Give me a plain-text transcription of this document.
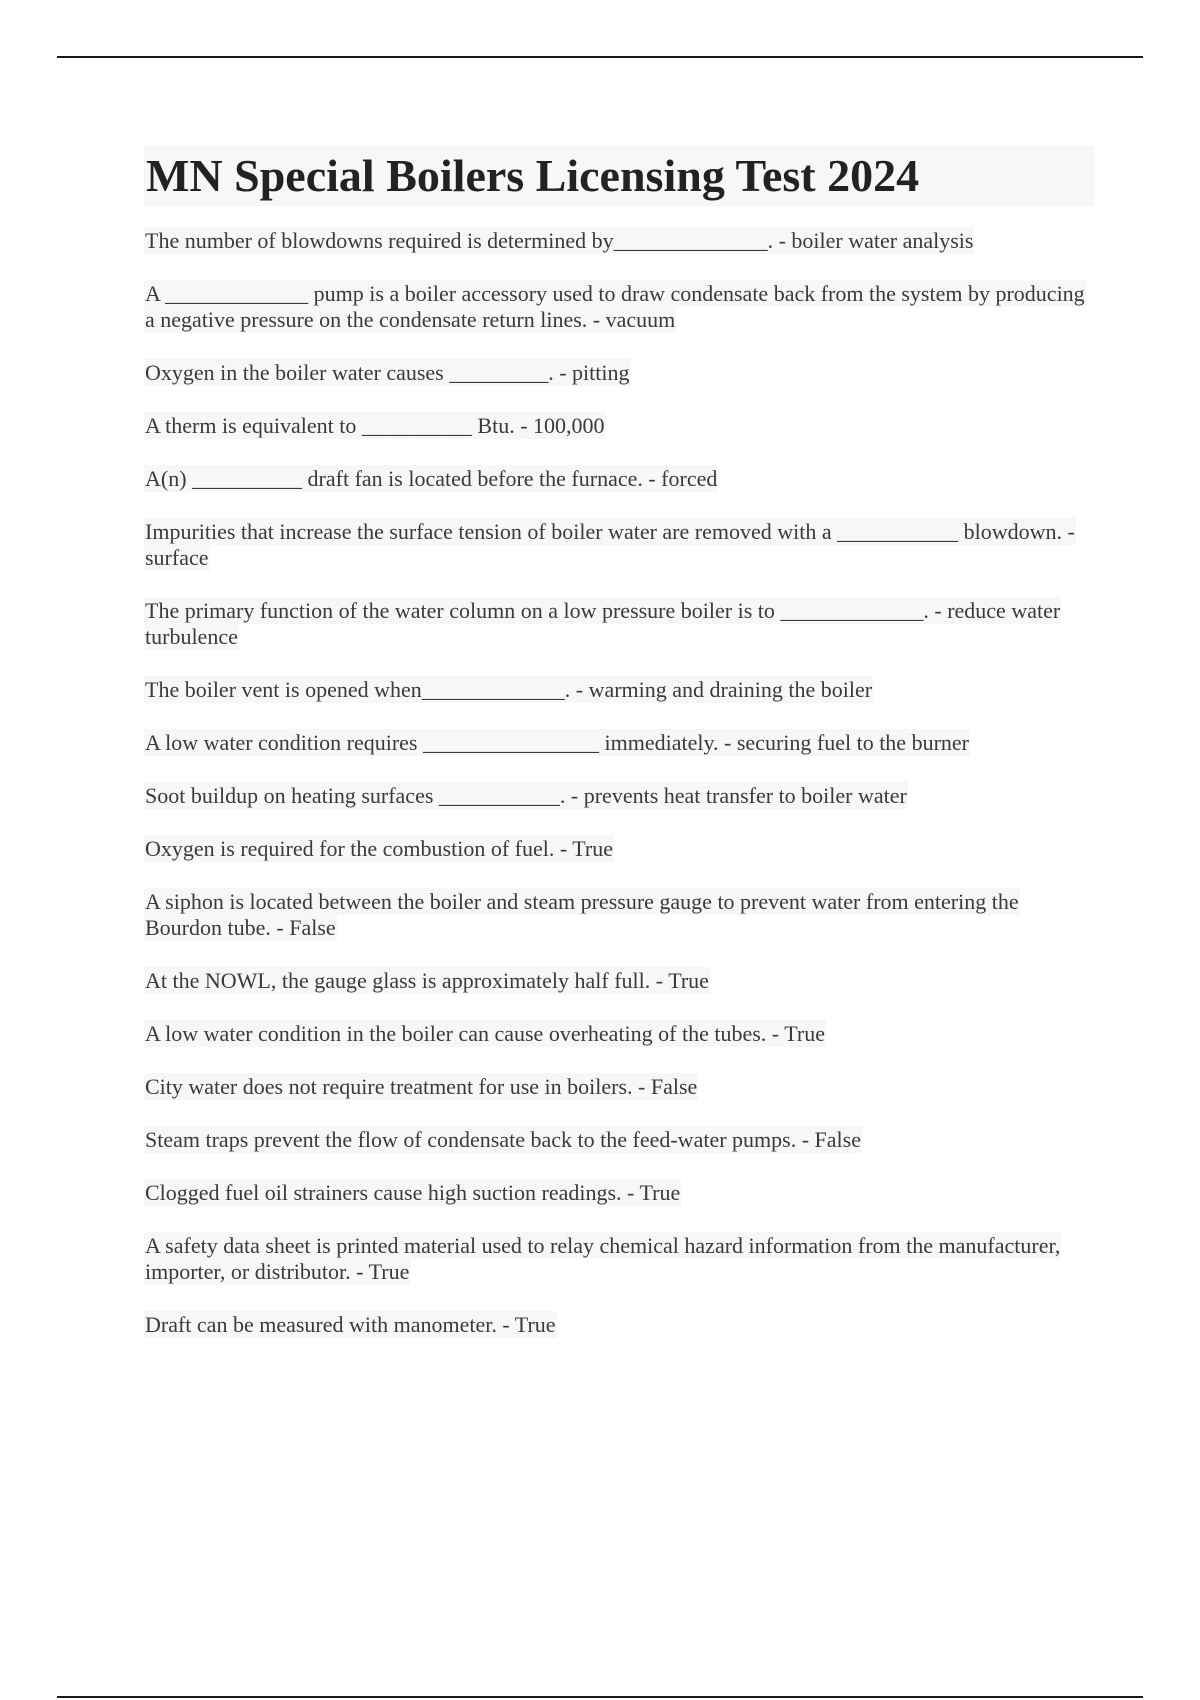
MN Special Boilers Licensing Test 2024
The number of blowdowns required is determined by______________. - boiler water analysis
A _____________ pump is a boiler accessory used to draw condensate back from the system by producing a negative pressure on the condensate return lines. - vacuum
Oxygen in the boiler water causes _________. - pitting
A therm is equivalent to __________ Btu. - 100,000
A(n) __________ draft fan is located before the furnace. - forced
Impurities that increase the surface tension of boiler water are removed with a ___________ blowdown. - surface
The primary function of the water column on a low pressure boiler is to _____________. - reduce water turbulence
The boiler vent is opened when_____________. - warming and draining the boiler
A low water condition requires ________________ immediately. - securing fuel to the burner
Soot buildup on heating surfaces ___________. - prevents heat transfer to boiler water
Oxygen is required for the combustion of fuel. - True
A siphon is located between the boiler and steam pressure gauge to prevent water from entering the Bourdon tube. - False
At the NOWL, the gauge glass is approximately half full. - True
A low water condition in the boiler can cause overheating of the tubes. - True
City water does not require treatment for use in boilers. - False
Steam traps prevent the flow of condensate back to the feed-water pumps. - False
Clogged fuel oil strainers cause high suction readings. - True
A safety data sheet is printed material used to relay chemical hazard information from the manufacturer, importer, or distributor. - True
Draft can be measured with manometer. - True
